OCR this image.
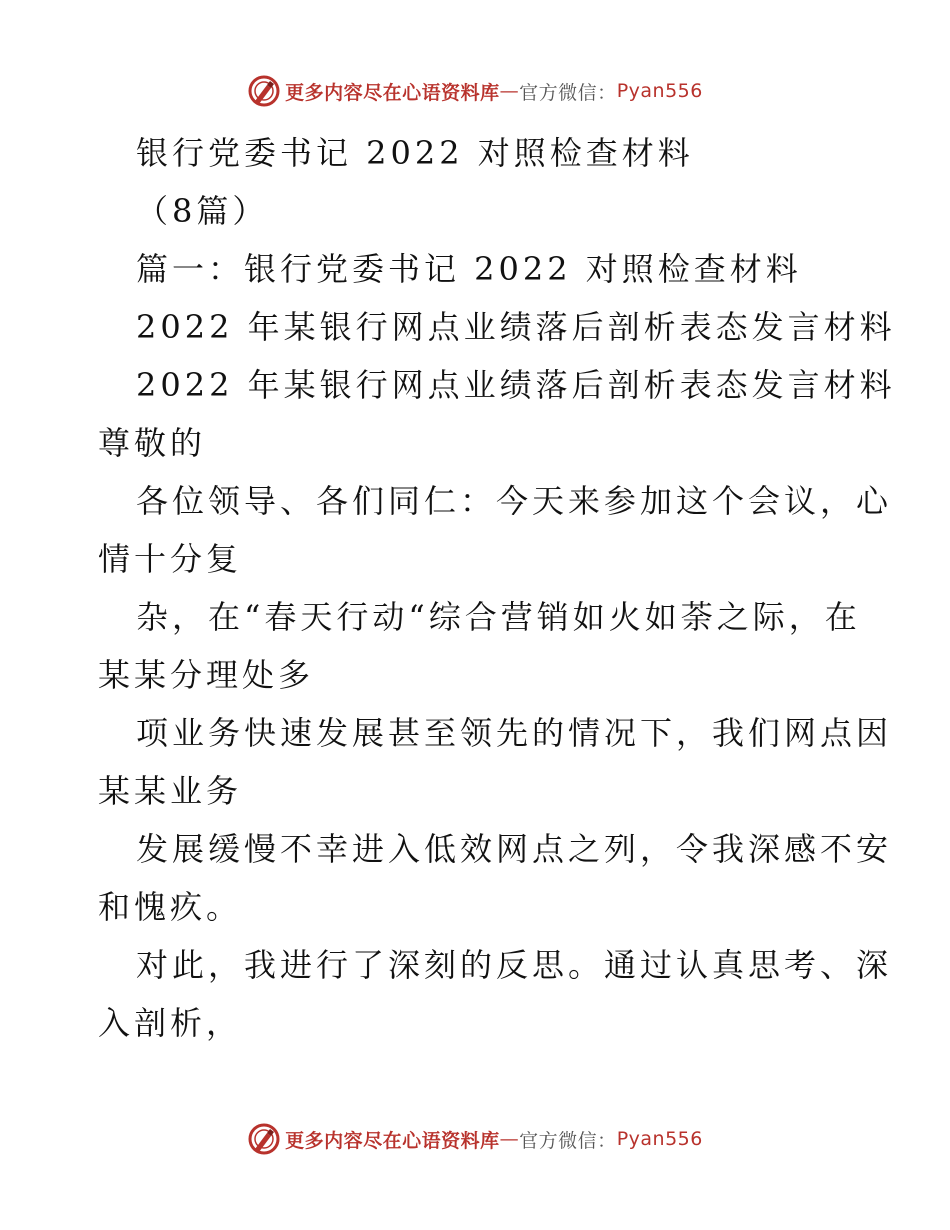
更多内容尽在心语资料库 — 官方微信： Pyan556
银行党委书记 2022 对照检查材料
（8篇）
篇一：银行党委书记 2022 对照检查材料
2022 年某银行网点业绩落后剖析表态发言材料
2022 年某银行网点业绩落后剖析表态发言材料
尊敬的
各位领导、各们同仁：今天来参加这个会议，心
情十分复
杂，在“春天行动“综合营销如火如荼之际，在
某某分理处多
项业务快速发展甚至领先的情况下，我们网点因
某某业务
发展缓慢不幸进入低效网点之列，令我深感不安
和愧疚。
对此，我进行了深刻的反思。通过认真思考、深
入剖析，
更多内容尽在心语资料库 — 官方微信： Pyan556
